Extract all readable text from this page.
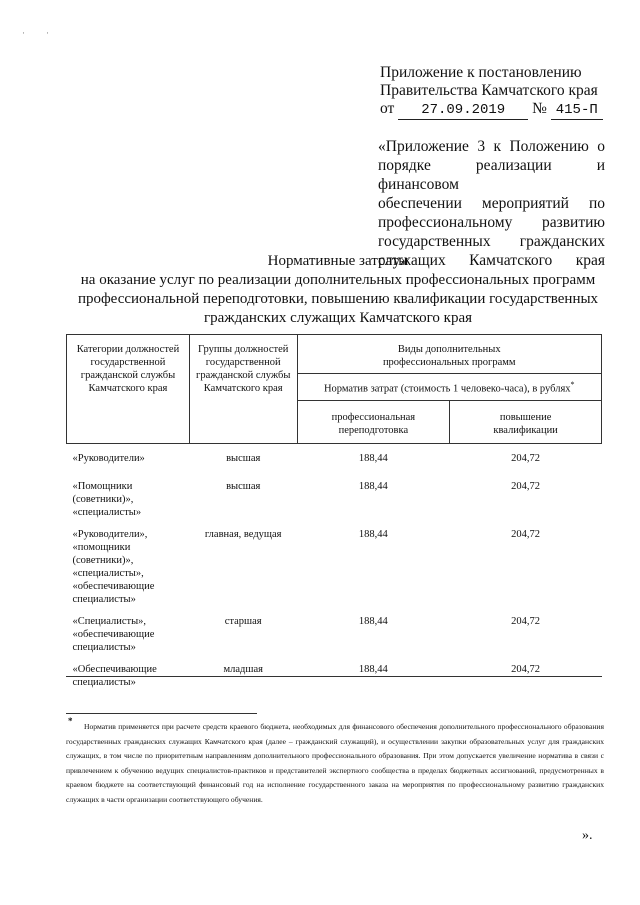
· ·
Приложение к постановлению
Правительства Камчатского края
от 27.09.2019 № 415-П
«Приложение 3 к Положению о
порядке реализации и финансовом
обеспечении мероприятий по
профессиональному развитию
государственных гражданских
служащих Камчатского края
Нормативные затраты
на оказание услуг по реализации дополнительных профессиональных программ
профессиональной переподготовки, повышению квалификации государственных
гражданских служащих Камчатского края
Категории должностей государственной гражданской службы Камчатского края	Группы должностей государственной гражданской службы Камчатского края	Виды дополнительных профессиональных программ	
		Норматив затрат (стоимость 1 человеко-часа), в рублях*
		профессиональная переподготовка	повышение квалификации
«Руководители»	высшая	188,44	204,72
«Помощники (советники)», «специалисты»	высшая	188,44	204,72
«Руководители», «помощники (советники)», «специалисты», «обеспечивающие специалисты»	главная, ведущая	188,44	204,72
«Специалисты», «обеспечивающие специалисты»	старшая	188,44	204,72
«Обеспечивающие специалисты»	младшая	188,44	204,72
*
Норматив применяется при расчете средств краевого бюджета, необходимых для финансового обеспечения дополнительного профессионального образования государственных гражданских служащих Камчатского края (далее – гражданский служащий), и осуществлении закупки образовательных услуг для гражданских служащих, в том числе по приоритетным направлениям дополнительного профессионального образования. При этом допускается увеличение норматива в связи с привлечением к обучению ведущих специалистов-практиков и представителей экспертного сообщества в пределах бюджетных ассигнований, предусмотренных в краевом бюджете на соответствующий финансовый год на исполнение государственного заказа на мероприятия по профессиональному развитию гражданских служащих в части организации соответствующего обучения.
».
